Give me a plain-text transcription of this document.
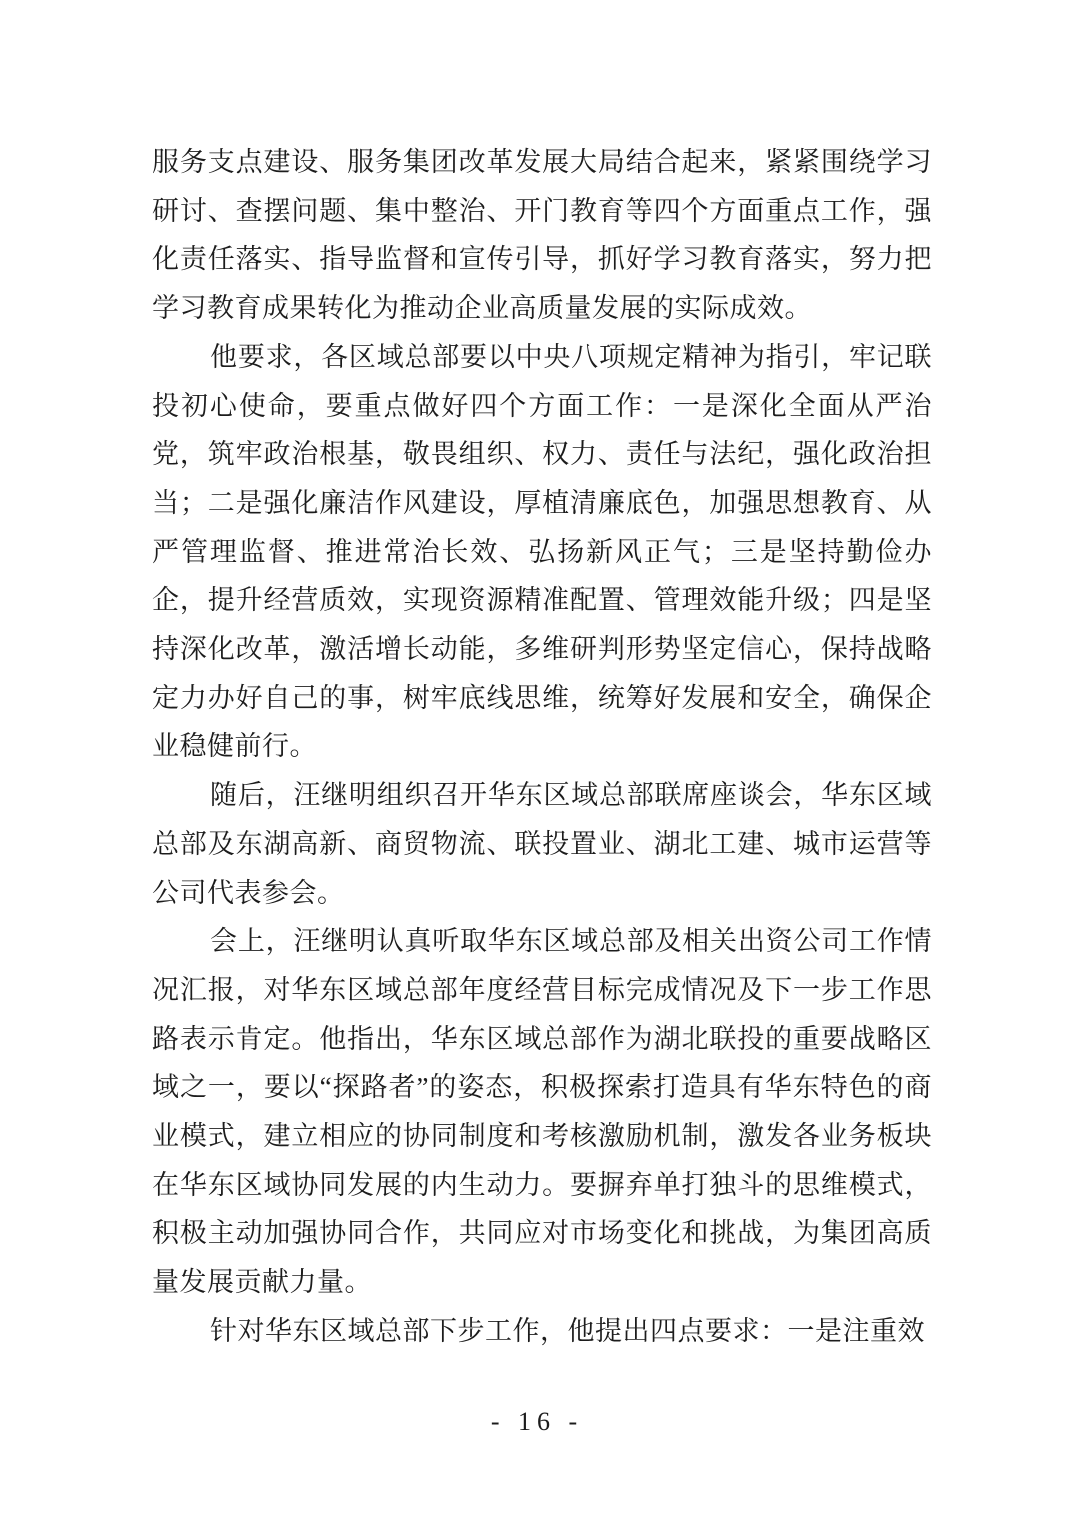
服务支点建设、服务集团改革发展大局结合起来，紧紧围绕学习研讨、查摆问题、集中整治、开门教育等四个方面重点工作，强化责任落实、指导监督和宣传引导，抓好学习教育落实，努力把学习教育成果转化为推动企业高质量发展的实际成效。

他要求，各区域总部要以中央八项规定精神为指引，牢记联投初心使命，要重点做好四个方面工作：一是深化全面从严治党，筑牢政治根基，敬畏组织、权力、责任与法纪，强化政治担当；二是强化廉洁作风建设，厚植清廉底色，加强思想教育、从严管理监督、推进常治长效、弘扬新风正气；三是坚持勤俭办企，提升经营质效，实现资源精准配置、管理效能升级；四是坚持深化改革，激活增长动能，多维研判形势坚定信心，保持战略定力办好自己的事，树牢底线思维，统筹好发展和安全，确保企业稳健前行。

随后，汪继明组织召开华东区域总部联席座谈会，华东区域总部及东湖高新、商贸物流、联投置业、湖北工建、城市运营等公司代表参会。

会上，汪继明认真听取华东区域总部及相关出资公司工作情况汇报，对华东区域总部年度经营目标完成情况及下一步工作思路表示肯定。他指出，华东区域总部作为湖北联投的重要战略区域之一，要以“探路者”的姿态，积极探索打造具有华东特色的商业模式，建立相应的协同制度和考核激励机制，激发各业务板块在华东区域协同发展的内生动力。要摒弃单打独斗的思维模式，积极主动加强协同合作，共同应对市场变化和挑战，为集团高质量发展贡献力量。

针对华东区域总部下步工作，他提出四点要求：一是注重效

- 16 -
